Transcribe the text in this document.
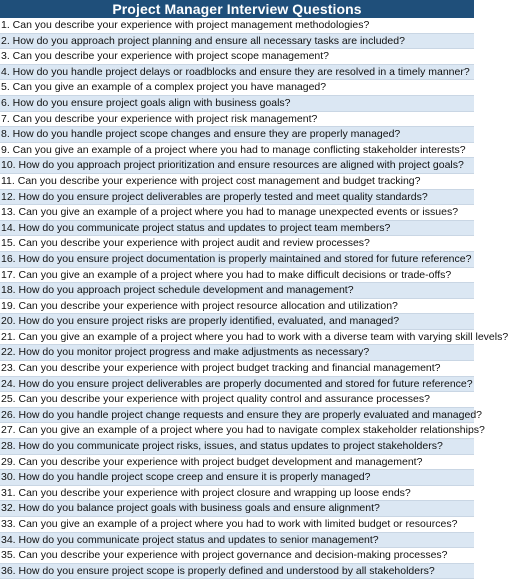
Project Manager Interview Questions
1. Can you describe your experience with project management methodologies?
2. How do you approach project planning and ensure all necessary tasks are included?
3. Can you describe your experience with project scope management?
4. How do you handle project delays or roadblocks and ensure they are resolved in a timely manner?
5. Can you give an example of a complex project you have managed?
6. How do you ensure project goals align with business goals?
7. Can you describe your experience with project risk management?
8. How do you handle project scope changes and ensure they are properly managed?
9. Can you give an example of a project where you had to manage conflicting stakeholder interests?
10. How do you approach project prioritization and ensure resources are aligned with project goals?
11. Can you describe your experience with project cost management and budget tracking?
12. How do you ensure project deliverables are properly tested and meet quality standards?
13. Can you give an example of a project where you had to manage unexpected events or issues?
14. How do you communicate project status and updates to project team members?
15. Can you describe your experience with project audit and review processes?
16. How do you ensure project documentation is properly maintained and stored for future reference?
17. Can you give an example of a project where you had to make difficult decisions or trade-offs?
18. How do you approach project schedule development and management?
19. Can you describe your experience with project resource allocation and utilization?
20. How do you ensure project risks are properly identified, evaluated, and managed?
21. Can you give an example of a project where you had to work with a diverse team with varying skill levels?
22. How do you monitor project progress and make adjustments as necessary?
23. Can you describe your experience with project budget tracking and financial management?
24. How do you ensure project deliverables are properly documented and stored for future reference?
25. Can you describe your experience with project quality control and assurance processes?
26. How do you handle project change requests and ensure they are properly evaluated and managed?
27. Can you give an example of a project where you had to navigate complex stakeholder relationships?
28. How do you communicate project risks, issues, and status updates to project stakeholders?
29. Can you describe your experience with project budget development and management?
30. How do you handle project scope creep and ensure it is properly managed?
31. Can you describe your experience with project closure and wrapping up loose ends?
32. How do you balance project goals with business goals and ensure alignment?
33. Can you give an example of a project where you had to work with limited budget or resources?
34. How do you communicate project status and updates to senior management?
35. Can you describe your experience with project governance and decision-making processes?
36. How do you ensure project scope is properly defined and understood by all stakeholders?
